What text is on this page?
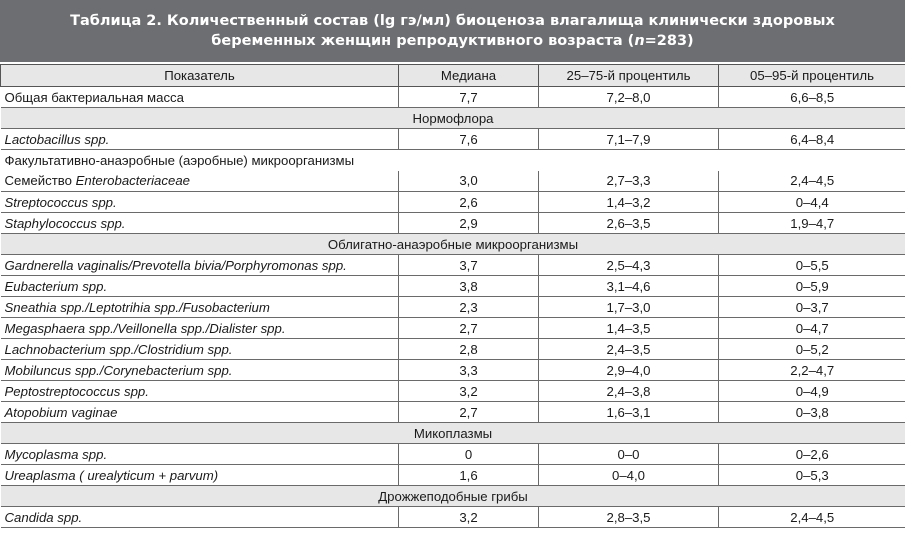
Таблица 2. Количественный состав (lg гэ/мл) биоценоза влагалища клинически здоровых
беременных женщин репродуктивного возраста (n=283)
Показатель	Медиана	25–75-й процентиль	05–95-й процентиль
Общая бактериальная масса	7,7	7,2–8,0	6,6–8,5
Нормофлора			
Lactobacillus spp.	7,6	7,1–7,9	6,4–8,4
Факультативно-анаэробные (аэробные) микроорганизмы			
Семейство Enterobacteriaceae	3,0	2,7–3,3	2,4–4,5
Streptococcus spp.	2,6	1,4–3,2	0–4,4
Staphylococcus spp.	2,9	2,6–3,5	1,9–4,7
Облигатно-анаэробные микроорганизмы			
Gardnerella vaginalis/Prevotella bivia/Porphyromonas spp.	3,7	2,5–4,3	0–5,5
Eubacterium spp.	3,8	3,1–4,6	0–5,9
Sneathia spp./Leptotrihia spp./Fusobacterium	2,3	1,7–3,0	0–3,7
Megasphaera spp./Veillonella spp./Dialister spp.	2,7	1,4–3,5	0–4,7
Lachnobacterium spp./Clostridium spp.	2,8	2,4–3,5	0–5,2
Mobiluncus spp./Corynebacterium spp.	3,3	2,9–4,0	2,2–4,7
Peptostreptococcus spp.	3,2	2,4–3,8	0–4,9
Atopobium vaginae	2,7	1,6–3,1	0–3,8
Микоплазмы			
Mycoplasma spp.	0	0–0	0–2,6
Ureaplasma ( urealyticum + parvum)	1,6	0–4,0	0–5,3
Дрожжеподобные грибы			
Candida spp.	3,2	2,8–3,5	2,4–4,5
